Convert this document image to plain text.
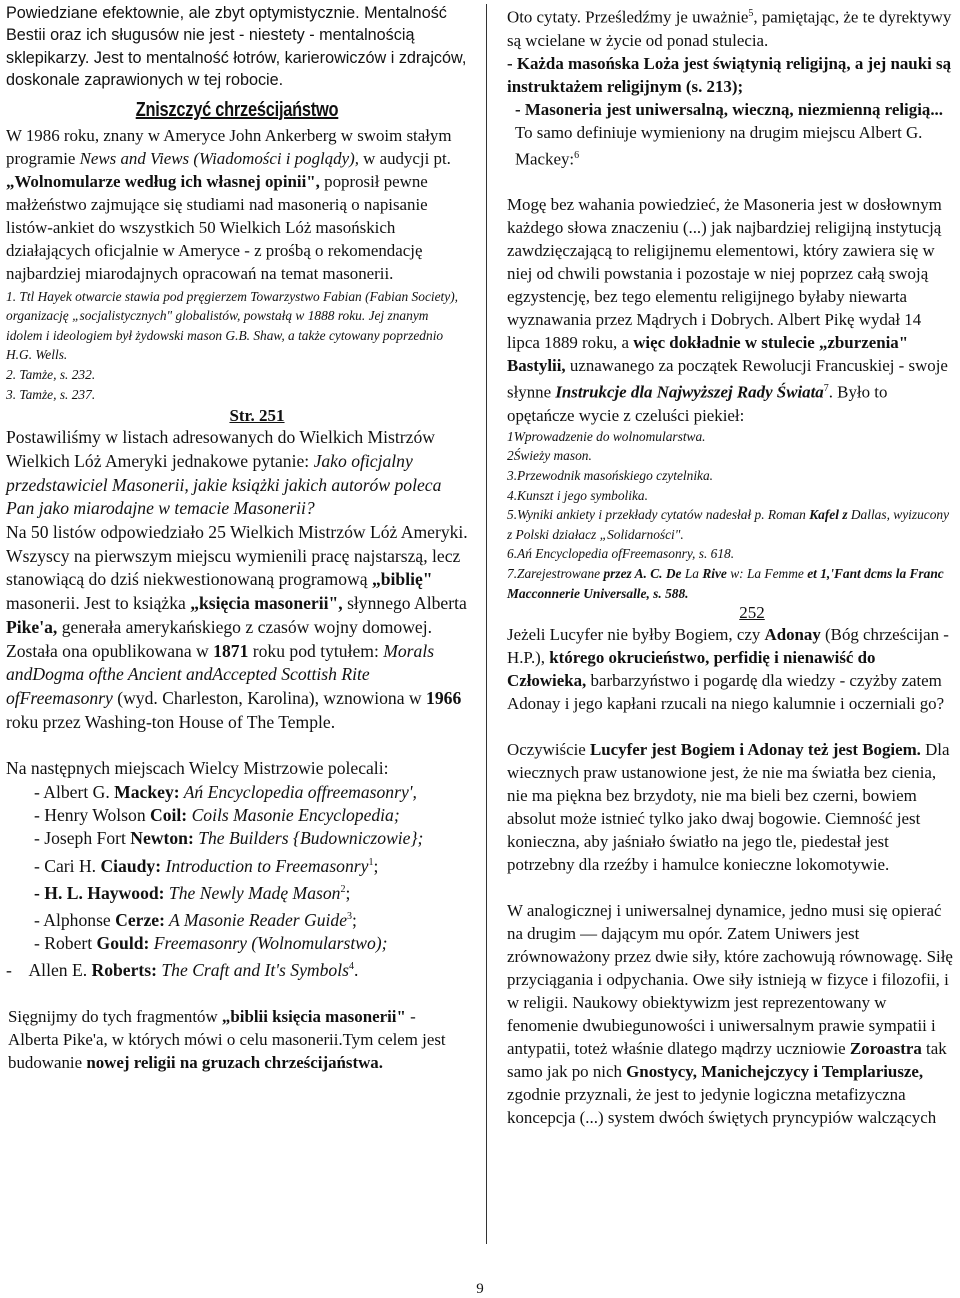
Powiedziane efektownie, ale zbyt optymistycznie. Mentalność Bestii oraz ich sługusów nie jest - niestety - mentalnością sklepikarzy. Jest to mentalność łotrów, karierowiczów i zdrajców, doskonale zaprawionych w tej robocie.

Zniszczyć chrześcijaństwo

W 1986 roku, znany w Ameryce John Ankerberg w swoim stałym programie News and Views (Wiadomości i poglądy), w audycji pt. „Wolnomularze według ich własnej opinii", poprosił pewne małżeństwo zajmujące się studiami nad masonerią o napisanie listów-ankiet do wszystkich 50 Wielkich Lóż masońskich działających oficjalnie w Ameryce - z prośbą o rekomendację najbardziej miarodajnych opracowań na temat masonerii.

1. Ttl Hayek otwarcie stawia pod pręgierzem Towarzystwo Fabian (Fabian Society), organizację „socjalistycznych" globalistów, powstałą w 1888 roku. Jej znanym idolem i ideologiem był żydowski mason G.B. Shaw, a także cytowany poprzednio H.G. Wells.

2. Tamże, s. 232.

3. Tamże, s. 237.

Str. 251

Postawiliśmy w listach adresowanych do Wielkich Mistrzów Wielkich Lóż Ameryki jednakowe pytanie: Jako oficjalny przedstawiciel Masonerii, jakie książki jakich autorów poleca Pan jako miarodajne w temacie Masonerii?

Na 50 listów odpowiedziało 25 Wielkich Mistrzów Lóż Ameryki. Wszyscy na pierwszym miejscu wymienili pracę najstarszą, lecz stanowiącą do dziś niekwestionowaną programową „biblię" masonerii. Jest to książka „księcia masonerii", słynnego Alberta Pike'a, generała amerykańskiego z czasów wojny domowej. Została ona opublikowana w 1871 roku pod tytułem: Morals andDogma ofthe Ancient andAccepted Scottish Rite ofFreemasonry (wyd. Charleston, Karolina), wznowiona w 1966 roku przez Washing-ton House of The Temple.

Na następnych miejscach Wielcy Mistrzowie polecali:

- Albert G. Mackey: Ań Encyclopedia offreemasonry',
- Henry Wolson Coil: Coils Masonie Encyclopedia;
- Joseph Fort Newton: The Builders {Budowniczowie};
- Cari H. Ciaudy: Introduction to Freemasonry$^1$;
- H. L. Haywood: The Newly Madę Mason$^2$;
- Alphonse Cerze: A Masonie Reader Guide$^3$;
- Robert Gould: Freemasonry (Wolnomularstwo);
-    Allen E. Roberts: The Craft and It's Symbols$^4$.

Sięgnijmy do tych fragmentów „biblii księcia masonerii" - Alberta Pike'a, w których mówi o celu masonerii.Tym celem jest budowanie nowej religii na gruzach chrześcijaństwa.

Oto cytaty. Prześledźmy je uważnie$^5$, pamiętając, że te dyrektywy są wcielane w życie od ponad stulecia.

- Każda masońska Loża jest świątynią religijną, a jej nauki są instruktażem religijnym (s. 213);

- Masoneria jest uniwersalną, wieczną, niezmienną religią... To samo definiuje wymieniony na drugim miejscu Albert G. Mackey:$^6$

Mogę bez wahania powiedzieć, że Masoneria jest w dosłownym każdego słowa znaczeniu (...) jak najbardziej religijną instytucją zawdzięczającą to religijnemu elementowi, który zawiera się w niej od chwili powstania i pozostaje w niej poprzez całą swoją egzystencję, bez tego elementu religijnego byłaby niewarta wyznawania przez Mądrych i Dobrych. Albert Pikę wydał 14 lipca 1889 roku, a więc dokładnie w stulecie „zburzenia" Bastylii, uznawanego za początek Rewolucji Francuskiej - swoje słynne Instrukcje dla Najwyższej Rady Świata$^7$. Było to opętańcze wycie z czeluści piekieł:

1Wprowadzenie do wolnomularstwa.

2Świeży mason.

3.Przewodnik masońskiego czytelnika.

4.Kunszt i jego symbolika.

5.Wyniki ankiety i przekłady cytatów nadesłał p. Roman Kafel z Dallas, wyizucony z Polski działacz „Solidarności".

6.Ań Encyclopedia ofFreemasonry, s. 618.

7.Zarejestrowane przez A. C. De La Rive w: La Femme et 1,'Fant dcms la Franc Macconnerie Universalle, s. 588.

252

Jeżeli Lucyfer nie byłby Bogiem, czy Adonay (Bóg chrześcijan -H.P.), którego okrucieństwo, perfidię i nienawiść do Człowieka, barbarzyństwo i pogardę dla wiedzy - czyżby zatem Adonay i jego kapłani rzucali na niego kalumnie i oczerniali go?

Oczywiście Lucyfer jest Bogiem i Adonay też jest Bogiem. Dla wiecznych praw ustanowione jest, że nie ma światła bez cienia, nie ma piękna bez brzydoty, nie ma bieli bez czerni, bowiem absolut może istnieć tylko jako dwaj bogowie. Ciemność jest konieczna, aby jaśniało światło na jego tle, piedestał jest potrzebny dla rzeźby i hamulce konieczne lokomotywie.

W analogicznej i uniwersalnej dynamice, jedno musi się opierać na drugim — dającym mu opór. Zatem Uniwers jest zrównoważony przez dwie siły, które zachowują równowagę. Siłę przyciągania i odpychania. Owe siły istnieją w fizyce i filozofii, i w religii. Naukowy obiektywizm jest reprezentowany w fenomenie dwubiegunowości i uniwersalnym prawie sympatii i antypatii, toteż właśnie dlatego mądrzy uczniowie Zoroastra tak samo jak po nich Gnostycy, Manichejczycy i Templariusze, zgodnie przyznali, że jest to jedynie logiczna metafizyczna koncepcja (...) system dwóch świętych pryncypiów walczących

9
